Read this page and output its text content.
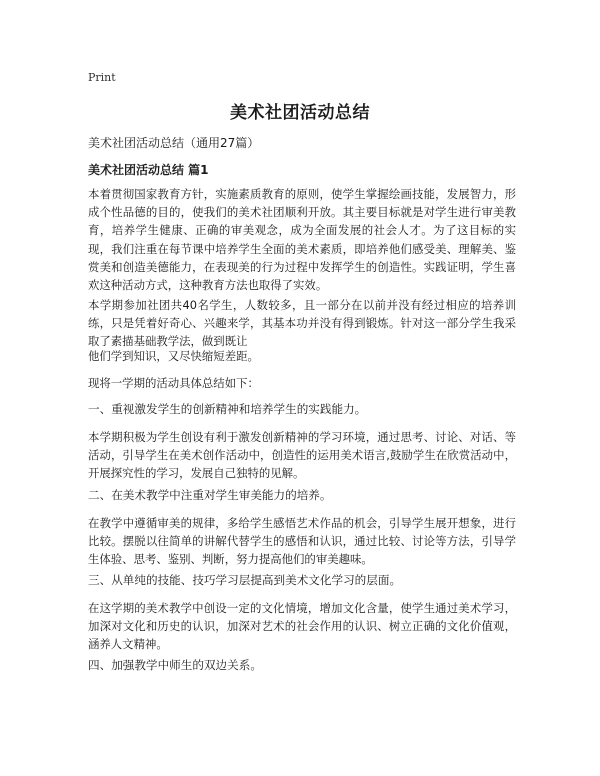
Print
美术社团活动总结
美术社团活动总结（通用27篇）
美术社团活动总结 篇1

本着贯彻国家教育方针，实施素质教育的原则，使学生掌握绘画技能，发展智力，形成个性品德的目的，使我们的美术社团顺利开放。其主要目标就是对学生进行审美教育，培养学生健康、正确的审美观念，成为全面发展的社会人才。为了这目标的实现，我们注重在每节课中培养学生全面的美术素质，即培养他们感受美、理解美、鉴赏美和创造美德能力，在表现美的行为过程中发挥学生的创造性。实践证明，学生喜欢这种活动方式，这种教育方法也取得了实效。

本学期参加社团共40名学生，人数较多，且一部分在以前并没有经过相应的培养训练，只是凭着好奇心、兴趣来学，其基本功并没有得到锻炼。针对这一部分学生我采取了素描基础教学法，做到既让

他们学到知识，又尽快缩短差距。

现将一学期的活动具体总结如下：

一、重视激发学生的创新精神和培养学生的实践能力。

本学期积极为学生创设有利于激发创新精神的学习环境，通过思考、讨论、对话、等活动，引导学生在美术创作活动中，创造性的运用美术语言,鼓励学生在欣赏活动中，开展探究性的学习，发展自己独特的见解。

二、在美术教学中注重对学生审美能力的培养。

在教学中遵循审美的规律，多给学生感悟艺术作品的机会，引导学生展开想象，进行比较。摆脱以往简单的讲解代替学生的感悟和认识，通过比较、讨论等方法，引导学生体验、思考、鉴别、判断，努力提高他们的审美趣味。

三、从单纯的技能、技巧学习层提高到美术文化学习的层面。

在这学期的美术教学中创设一定的文化情境，增加文化含量，使学生通过美术学习，加深对文化和历史的认识，加深对艺术的社会作用的认识、树立正确的文化价值观，涵养人文精神。

四、加强教学中师生的双边关系。
